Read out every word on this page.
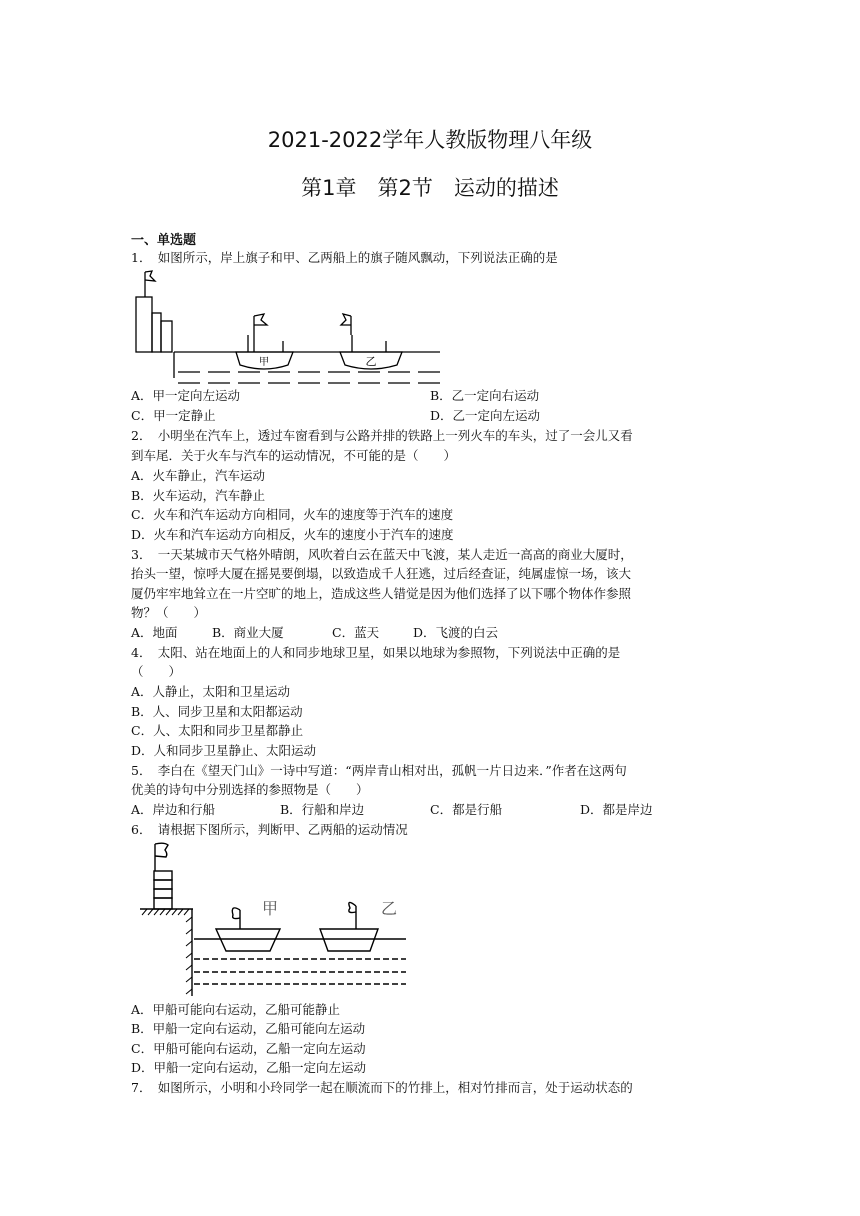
2021-2022学年人教版物理八年级
第1章　第2节　运动的描述
一、单选题
1．　如图所示，岸上旗子和甲、乙两船上的旗子随风飘动，下列说法正确的是
甲	乙
A．甲一定向左运动	B．乙一定向右运动
C．甲一定静止	D．乙一定向左运动
2．　小明坐在汽车上，透过车窗看到与公路并排的铁路上一列火车的车头，过了一会儿又看
到车尾．关于火车与汽车的运动情况，不可能的是（　　）
A．火车静止，汽车运动
B．火车运动，汽车静止
C．火车和汽车运动方向相同，火车的速度等于汽车的速度
D．火车和汽车运动方向相反，火车的速度小于汽车的速度
3．　一天某城市天气格外晴朗，风吹着白云在蓝天中飞渡，某人走近一高高的商业大厦时，
抬头一望，惊呼大厦在摇晃要倒塌，以致造成千人狂逃，过后经查证，纯属虚惊一场，该大
厦仍牢牢地耸立在一片空旷的地上，造成这些人错觉是因为他们选择了以下哪个物体作参照
物？（　　）
A．地面	B．商业大厦	C．蓝天	D．飞渡的白云
4．　太阳、站在地面上的人和同步地球卫星，如果以地球为参照物，下列说法中正确的是
（　　）
A．人静止，太阳和卫星运动
B．人、同步卫星和太阳都运动
C．人、太阳和同步卫星都静止
D．人和同步卫星静止、太阳运动
5．　李白在《望天门山》一诗中写道：“两岸青山相对出，孤帆一片日边来．”作者在这两句
优美的诗句中分别选择的参照物是（　　）
A．岸边和行船	B．行船和岸边	C．都是行船	D．都是岸边
6．　请根据下图所示，判断甲、乙两船的运动情况
甲	乙
A．甲船可能向右运动，乙船可能静止
B．甲船一定向右运动，乙船可能向左运动
C．甲船可能向右运动，乙船一定向左运动
D．甲船一定向右运动，乙船一定向左运动
7．　如图所示，小明和小玲同学一起在顺流而下的竹排上，相对竹排而言，处于运动状态的
